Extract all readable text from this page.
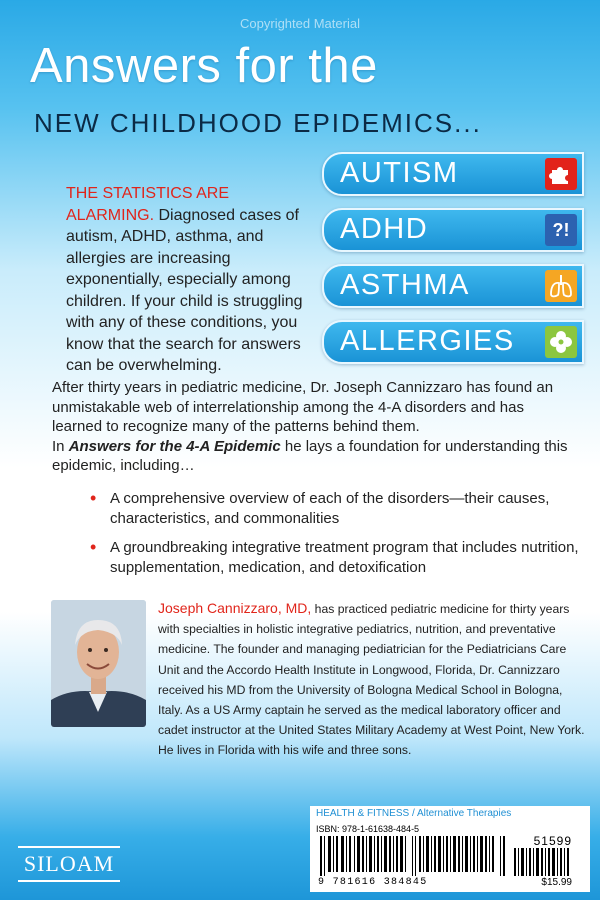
Copyrighted Material
Answers for the
NEW CHILDHOOD EPIDEMICS...
AUTISM
ADHD	?!
ASTHMA
ALLERGIES
THE STATISTICS ARE ALARMING. Diagnosed cases of autism, ADHD, asthma, and allergies are increasing exponentially, especially among children. If your child is struggling with any of these conditions, you know that the search for answers can be overwhelming.

After thirty years in pediatric medicine, Dr. Joseph Cannizzaro has found an unmistakable web of interrelationship among the 4-A disorders and has learned to recognize many of the patterns behind them.

In Answers for the 4-A Epidemic he lays a foundation for understanding this epidemic, including…

• A comprehensive overview of each of the disorders—their causes, characteristics, and commonalities
• A groundbreaking integrative treatment program that includes nutrition, supplementation, medication, and detoxification
Joseph Cannizzaro, MD, has practiced pediatric medicine for thirty years with specialties in holistic integrative pediatrics, nutrition, and preventative medicine. The founder and managing pediatrician for the Pediatricians Care Unit and the Accordo Health Institute in Longwood, Florida, Dr. Cannizzaro received his MD from the University of Bologna Medical School in Bologna, Italy. As a US Army captain he served as the medical laboratory officer and cadet instructor at the United States Military Academy at West Point, New York. He lives in Florida with his wife and three sons.
HEALTH & FITNESS / Alternative Therapies
ISBN: 978-1-61638-484-5
51599
9 781616 384845	$15.99
SILOAM
